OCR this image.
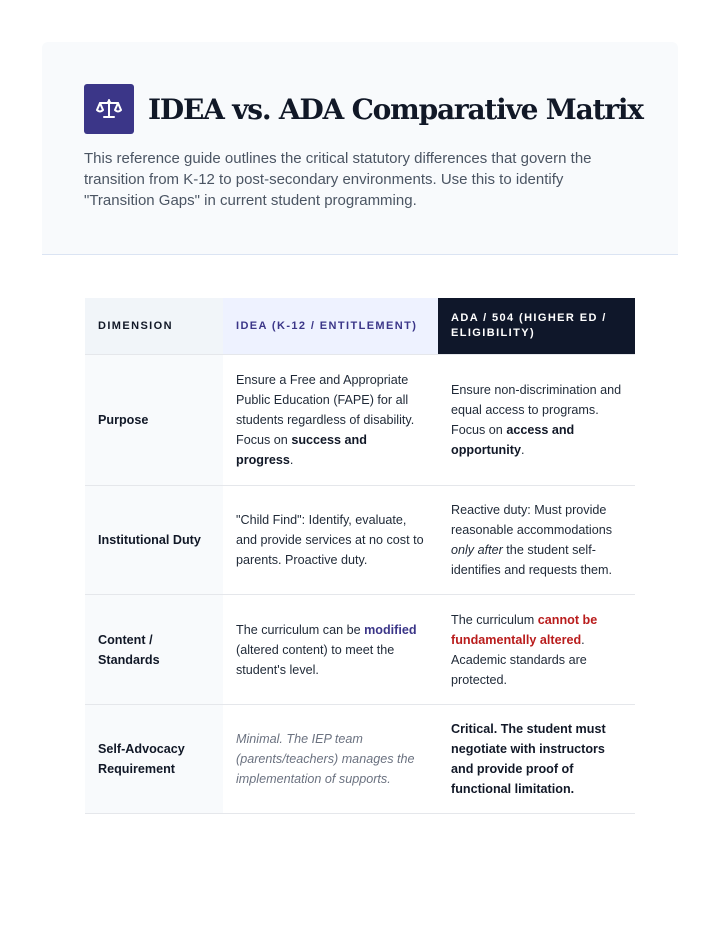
IDEA vs. ADA Comparative Matrix

This reference guide outlines the critical statutory differences that govern the transition from K-12 to post-secondary environments. Use this to identify "Transition Gaps" in current student programming.

DIMENSION	IDEA (K-12 / ENTITLEMENT)
ADA / 504 (HIGHER ED / ELIGIBILITY)
Purpose
Ensure a Free and Appropriate Public Education (FAPE) for all students regardless of disability. Focus on success and progress.
Ensure non-discrimination and equal access to programs. Focus on access and opportunity.
Institutional Duty
"Child Find": Identify, evaluate, and provide services at no cost to parents. Proactive duty.
Reactive duty: Must provide reasonable accommodations only after the student self-identifies and requests them.
Content / Standards
The curriculum can be modified (altered content) to meet the student's level.
The curriculum cannot be fundamentally altered. Academic standards are protected.
Self-Advocacy Requirement
Minimal. The IEP team (parents/teachers) manages the implementation of supports.
Critical. The student must negotiate with instructors and provide proof of functional limitation.
